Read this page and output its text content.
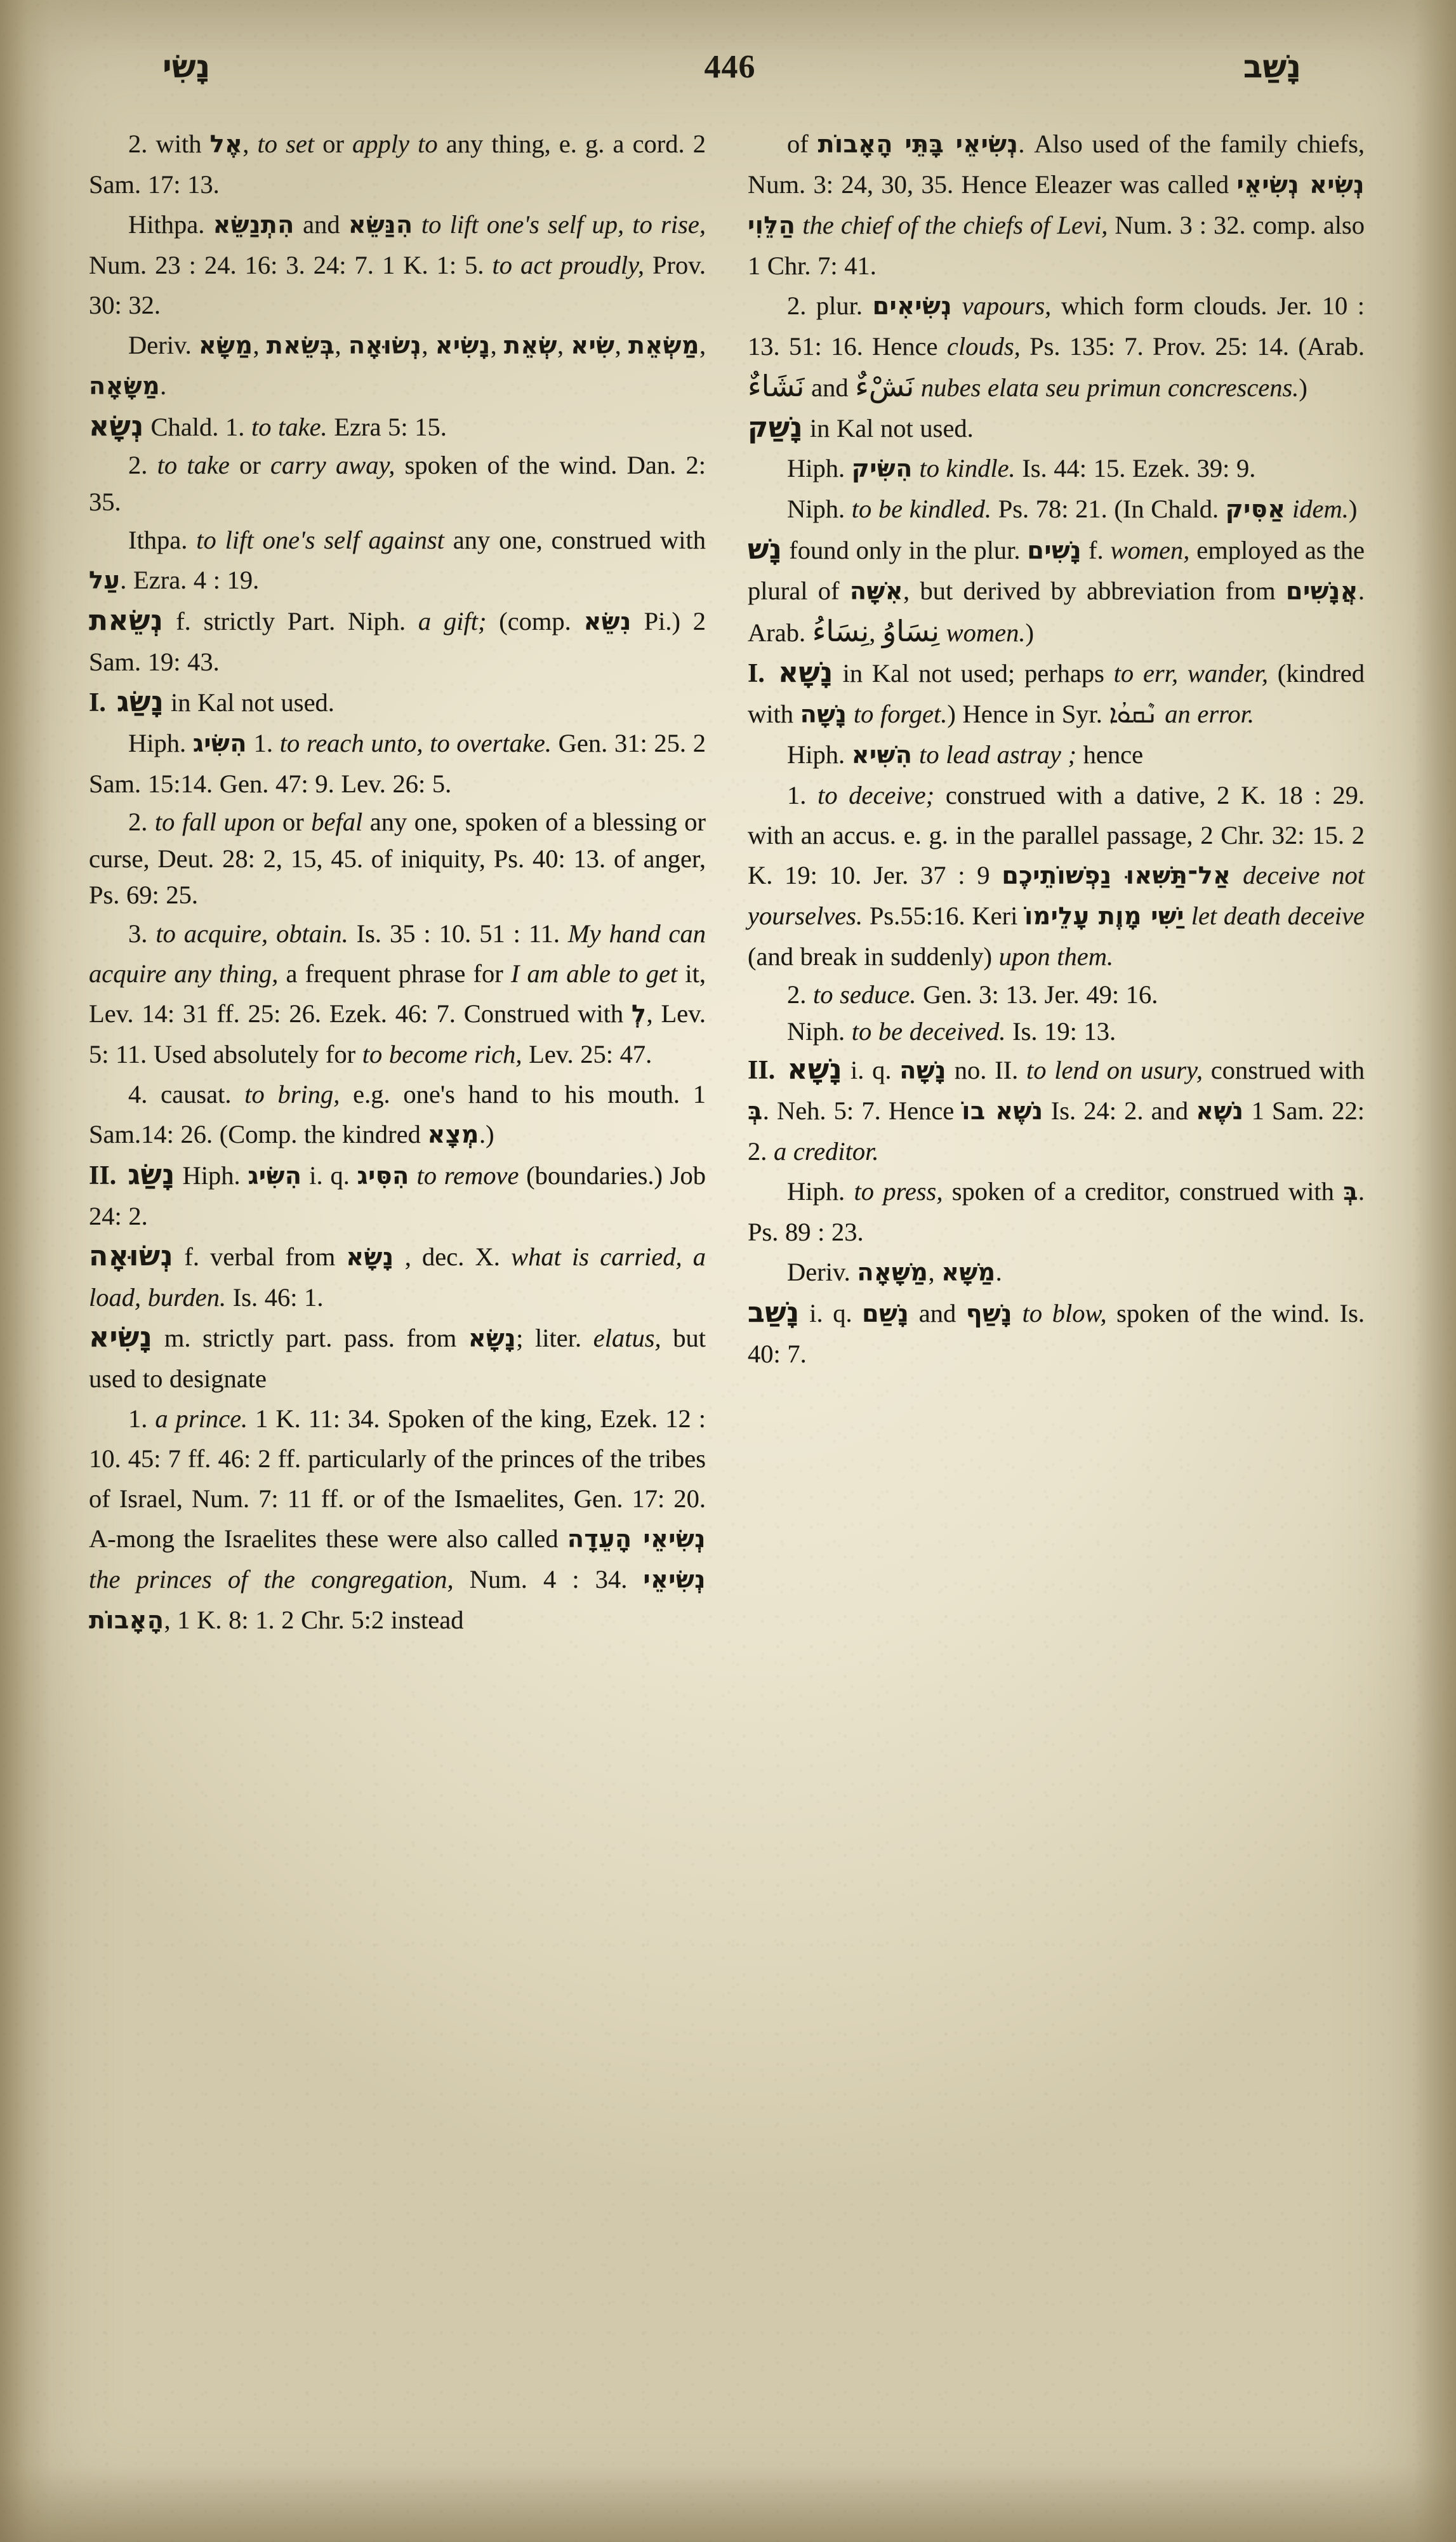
נָשִׂי	446	נָשַׁב

2. with אֶל, to set or apply to any thing, e. g. a cord. 2 Sam. 17: 13.

Hithpa. הִתְנַשֵּׂא and הִנַּשֵּׂא to lift one's self up, to rise, Num. 23 : 24. 16: 3. 24: 7. 1 K. 1: 5. to act proudly, Prov. 30: 32.

Deriv. מַשָּׂא, בְּשֵׂאת, נְשׂוּאָה, נָשִׂיא, שְׂאֵת, שִׂיא, מַשְׂאֵת, מַשָּׂאָה.

נְשָׂא Chald. 1. to take. Ezra 5: 15.

2. to take or carry away, spoken of the wind. Dan. 2: 35.

Ithpa. to lift one's self against any one, construed with עַל. Ezra. 4 : 19.

נְשֵׂאת f. strictly Part. Niph. a gift; (comp. נִשֵּׂא Pi.) 2 Sam. 19: 43.

I. נָשַׂג in Kal not used.

Hiph. הִשִּׂיג 1. to reach unto, to overtake. Gen. 31: 25. 2 Sam. 15:14. Gen. 47: 9. Lev. 26: 5.

2. to fall upon or befal any one, spoken of a blessing or curse, Deut. 28: 2, 15, 45. of iniquity, Ps. 40: 13. of anger, Ps. 69: 25.

3. to acquire, obtain. Is. 35 : 10. 51 : 11. My hand can acquire any thing, a frequent phrase for I am able to get it, Lev. 14: 31 ff. 25: 26. Ezek. 46: 7. Construed with לְ, Lev. 5: 11. Used absolutely for to become rich, Lev. 25: 47.

4. causat. to bring, e.g. one's hand to his mouth. 1 Sam.14: 26. (Comp. the kindred מְצָא.)

II. נָשַׂג Hiph. הִשִּׂיג i. q. הִסִּיג to remove (boundaries.) Job 24: 2.

נְשׂוּאָה f. verbal from נָשָׂא , dec. X. what is carried, a load, burden. Is. 46: 1.

נָשִׂיא m. strictly part. pass. from נָשָׂא; liter. elatus, but used to designate

1. a prince. 1 K. 11: 34. Spoken of the king, Ezek. 12 : 10. 45: 7 ff. 46: 2 ff. particularly of the princes of the tribes of Israel, Num. 7: 11 ff. or of the Ismaelites, Gen. 17: 20. A-mong the Israelites these were also called נְשִׂיאֵי הָעֵדָה the princes of the congregation, Num. 4 : 34. נְשִׂיאֵי הָאָבוֹת, 1 K. 8: 1. 2 Chr. 5:2 instead

of נְשִׂיאֵי בָּתֵּי הָאָבוֹת. Also used of the family chiefs, Num. 3: 24, 30, 35. Hence Eleazer was called נְשִׂיא נְשִׂיאֵי הַלֵּוִי the chief of the chiefs of Levi, Num. 3 : 32. comp. also 1 Chr. 7: 41.

2. plur. נְשִׂיאִים vapours, which form clouds. Jer. 10 : 13. 51: 16. Hence clouds, Ps. 135: 7. Prov. 25: 14. (Arab. نَشَاءٌ and نَشْءٌ nubes elata seu primun concrescens.)

נָשַׁק in Kal not used.

Hiph. הִשִּׂיק to kindle. Is. 44: 15. Ezek. 39: 9.

Niph. to be kindled. Ps. 78: 21. (In Chald. אַסִּיק idem.)

נָשׁ found only in the plur. נָשִׁים f. women, employed as the plural of אִשָּׁה, but derived by abbreviation from אֲנָשִׁים. Arab. نِسَاءُ, نِسَاوُ women.)

I. נָשָׁא in Kal not used; perhaps to err, wander, (kindred with נָשָׁה to forget.) Hence in Syr. ܢܶܩܘܳܐ an error.

Hiph. הִשִּׁיא to lead astray ; hence

1. to deceive; construed with a dative, 2 K. 18 : 29. with an accus. e. g. in the parallel passage, 2 Chr. 32: 15. 2 K. 19: 10. Jer. 37 : 9 אַל־תַּשִּׁאוּ נַפְשׁוֹתֵיכֶם deceive not yourselves. Ps.55:16. Keri יַשִּׁי מָוֶת עָלֵימוֹ let death deceive (and break in suddenly) upon them.

2. to seduce. Gen. 3: 13. Jer. 49: 16.

Niph. to be deceived. Is. 19: 13.

II. נָשָׁא i. q. נָשָׁה no. II. to lend on usury, construed with בְּ. Neh. 5: 7. Hence נֹשֶׁא בוֹ Is. 24: 2. and נֹשֶׁא 1 Sam. 22: 2. a creditor.

Hiph. to press, spoken of a creditor, construed with בְּ. Ps. 89 : 23.

Deriv. מַשָּׁאָה, מַשָּׁא.

נָשַׁב i. q. נָשַׁם and נָשַׁף to blow, spoken of the wind. Is. 40: 7.
